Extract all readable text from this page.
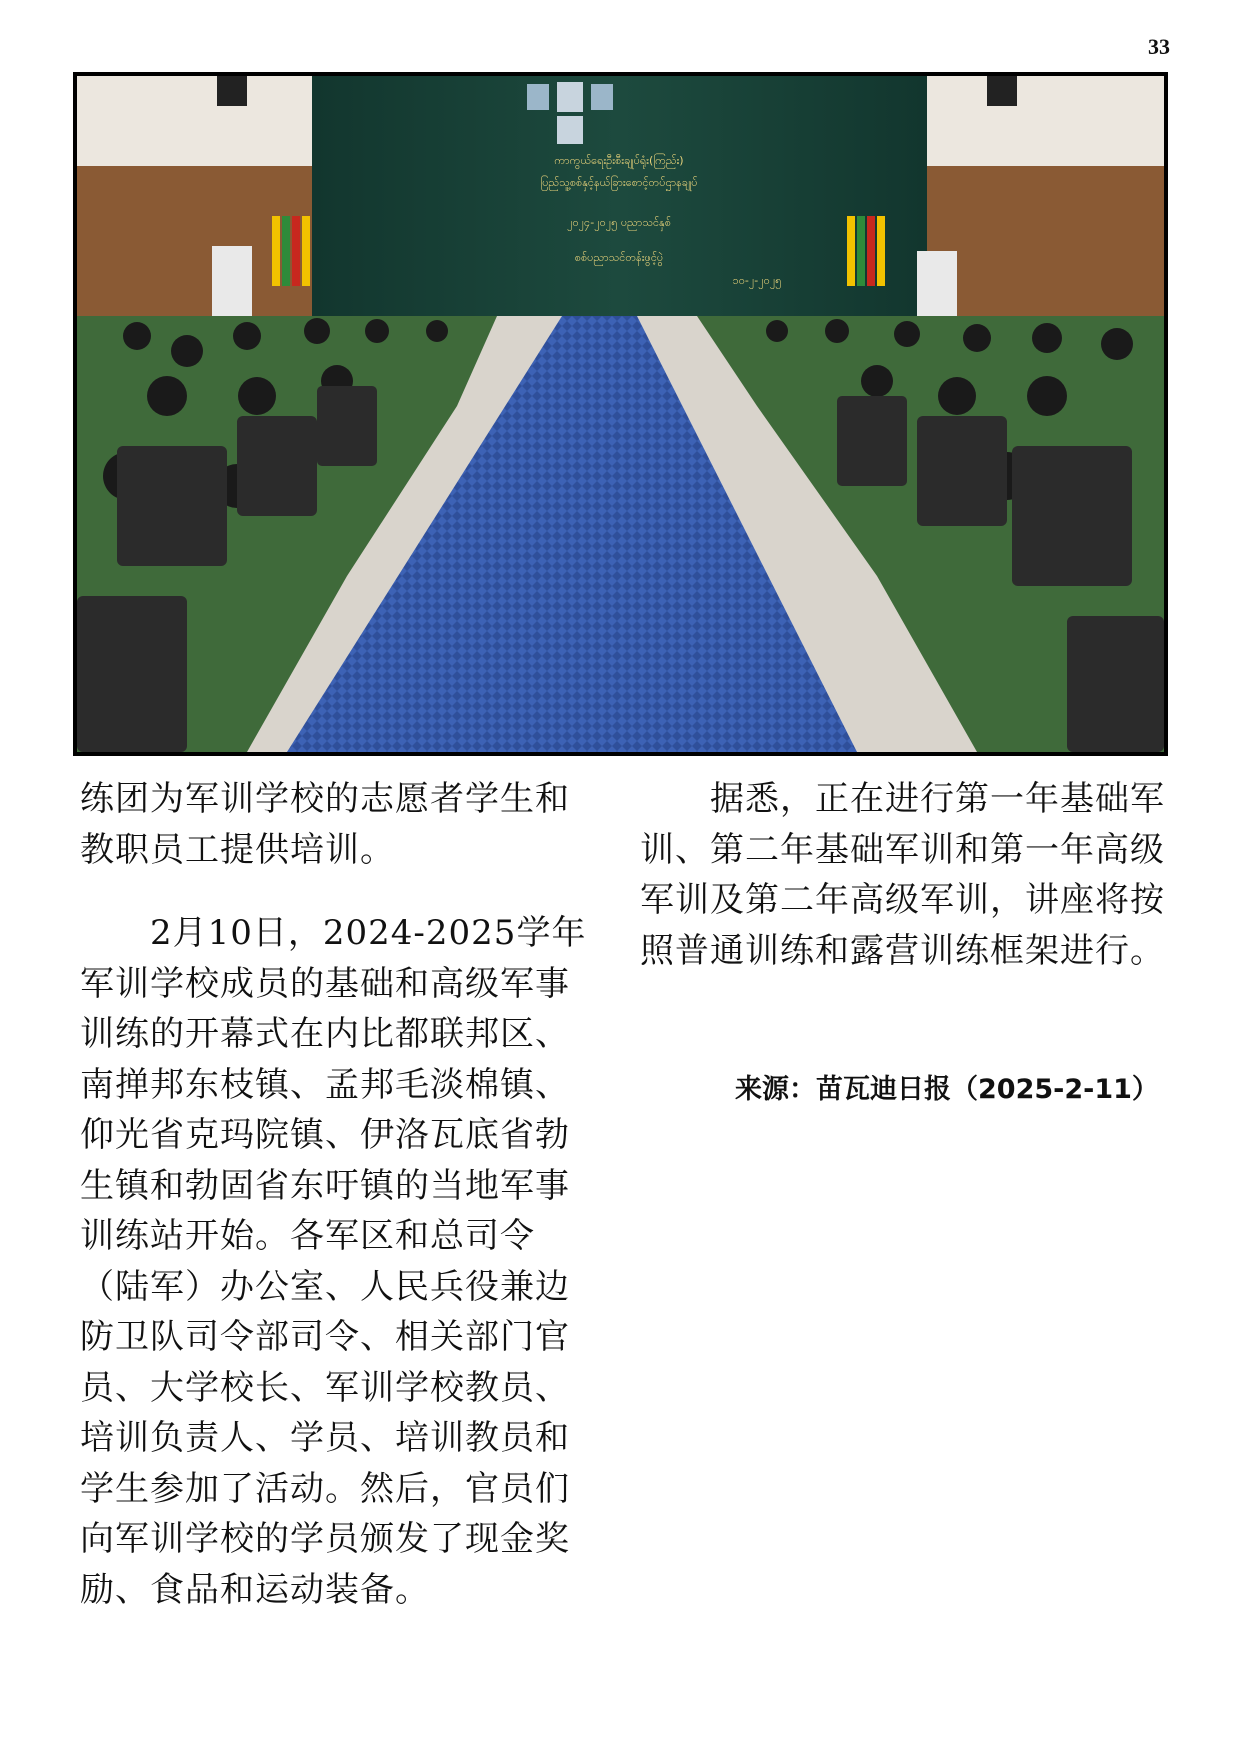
33
ကာကွယ်ရေးဦးစီးချုပ်ရုံး(ကြည်း)
ပြည်သူ့စစ်နှင့်နယ်ခြားစောင့်တပ်ဌာနချုပ်
၂၀၂၄-၂၀၂၅ ပညာသင်နှစ်
စစ်ပညာသင်တန်းဖွင့်ပွဲ
၁၀-၂-၂၀၂၅

练团为军训学校的志愿者学生和教职员工提供培训。

2月10日，2024-2025学年军训学校成员的基础和高级军事训练的开幕式在内比都联邦区、南掸邦东枝镇、孟邦毛淡棉镇、仰光省克玛院镇、伊洛瓦底省勃生镇和勃固省东吁镇的当地军事训练站开始。各军区和总司令（陆军）办公室、人民兵役兼边防卫队司令部司令、相关部门官员、大学校长、军训学校教员、培训负责人、学员、培训教员和学生参加了活动。然后，官员们向军训学校的学员颁发了现金奖励、食品和运动装备。

据悉，正在进行第一年基础军训、第二年基础军训和第一年高级军训及第二年高级军训，讲座将按照普通训练和露营训练框架进行。

来源：苗瓦迪日报（2025-2-11）
